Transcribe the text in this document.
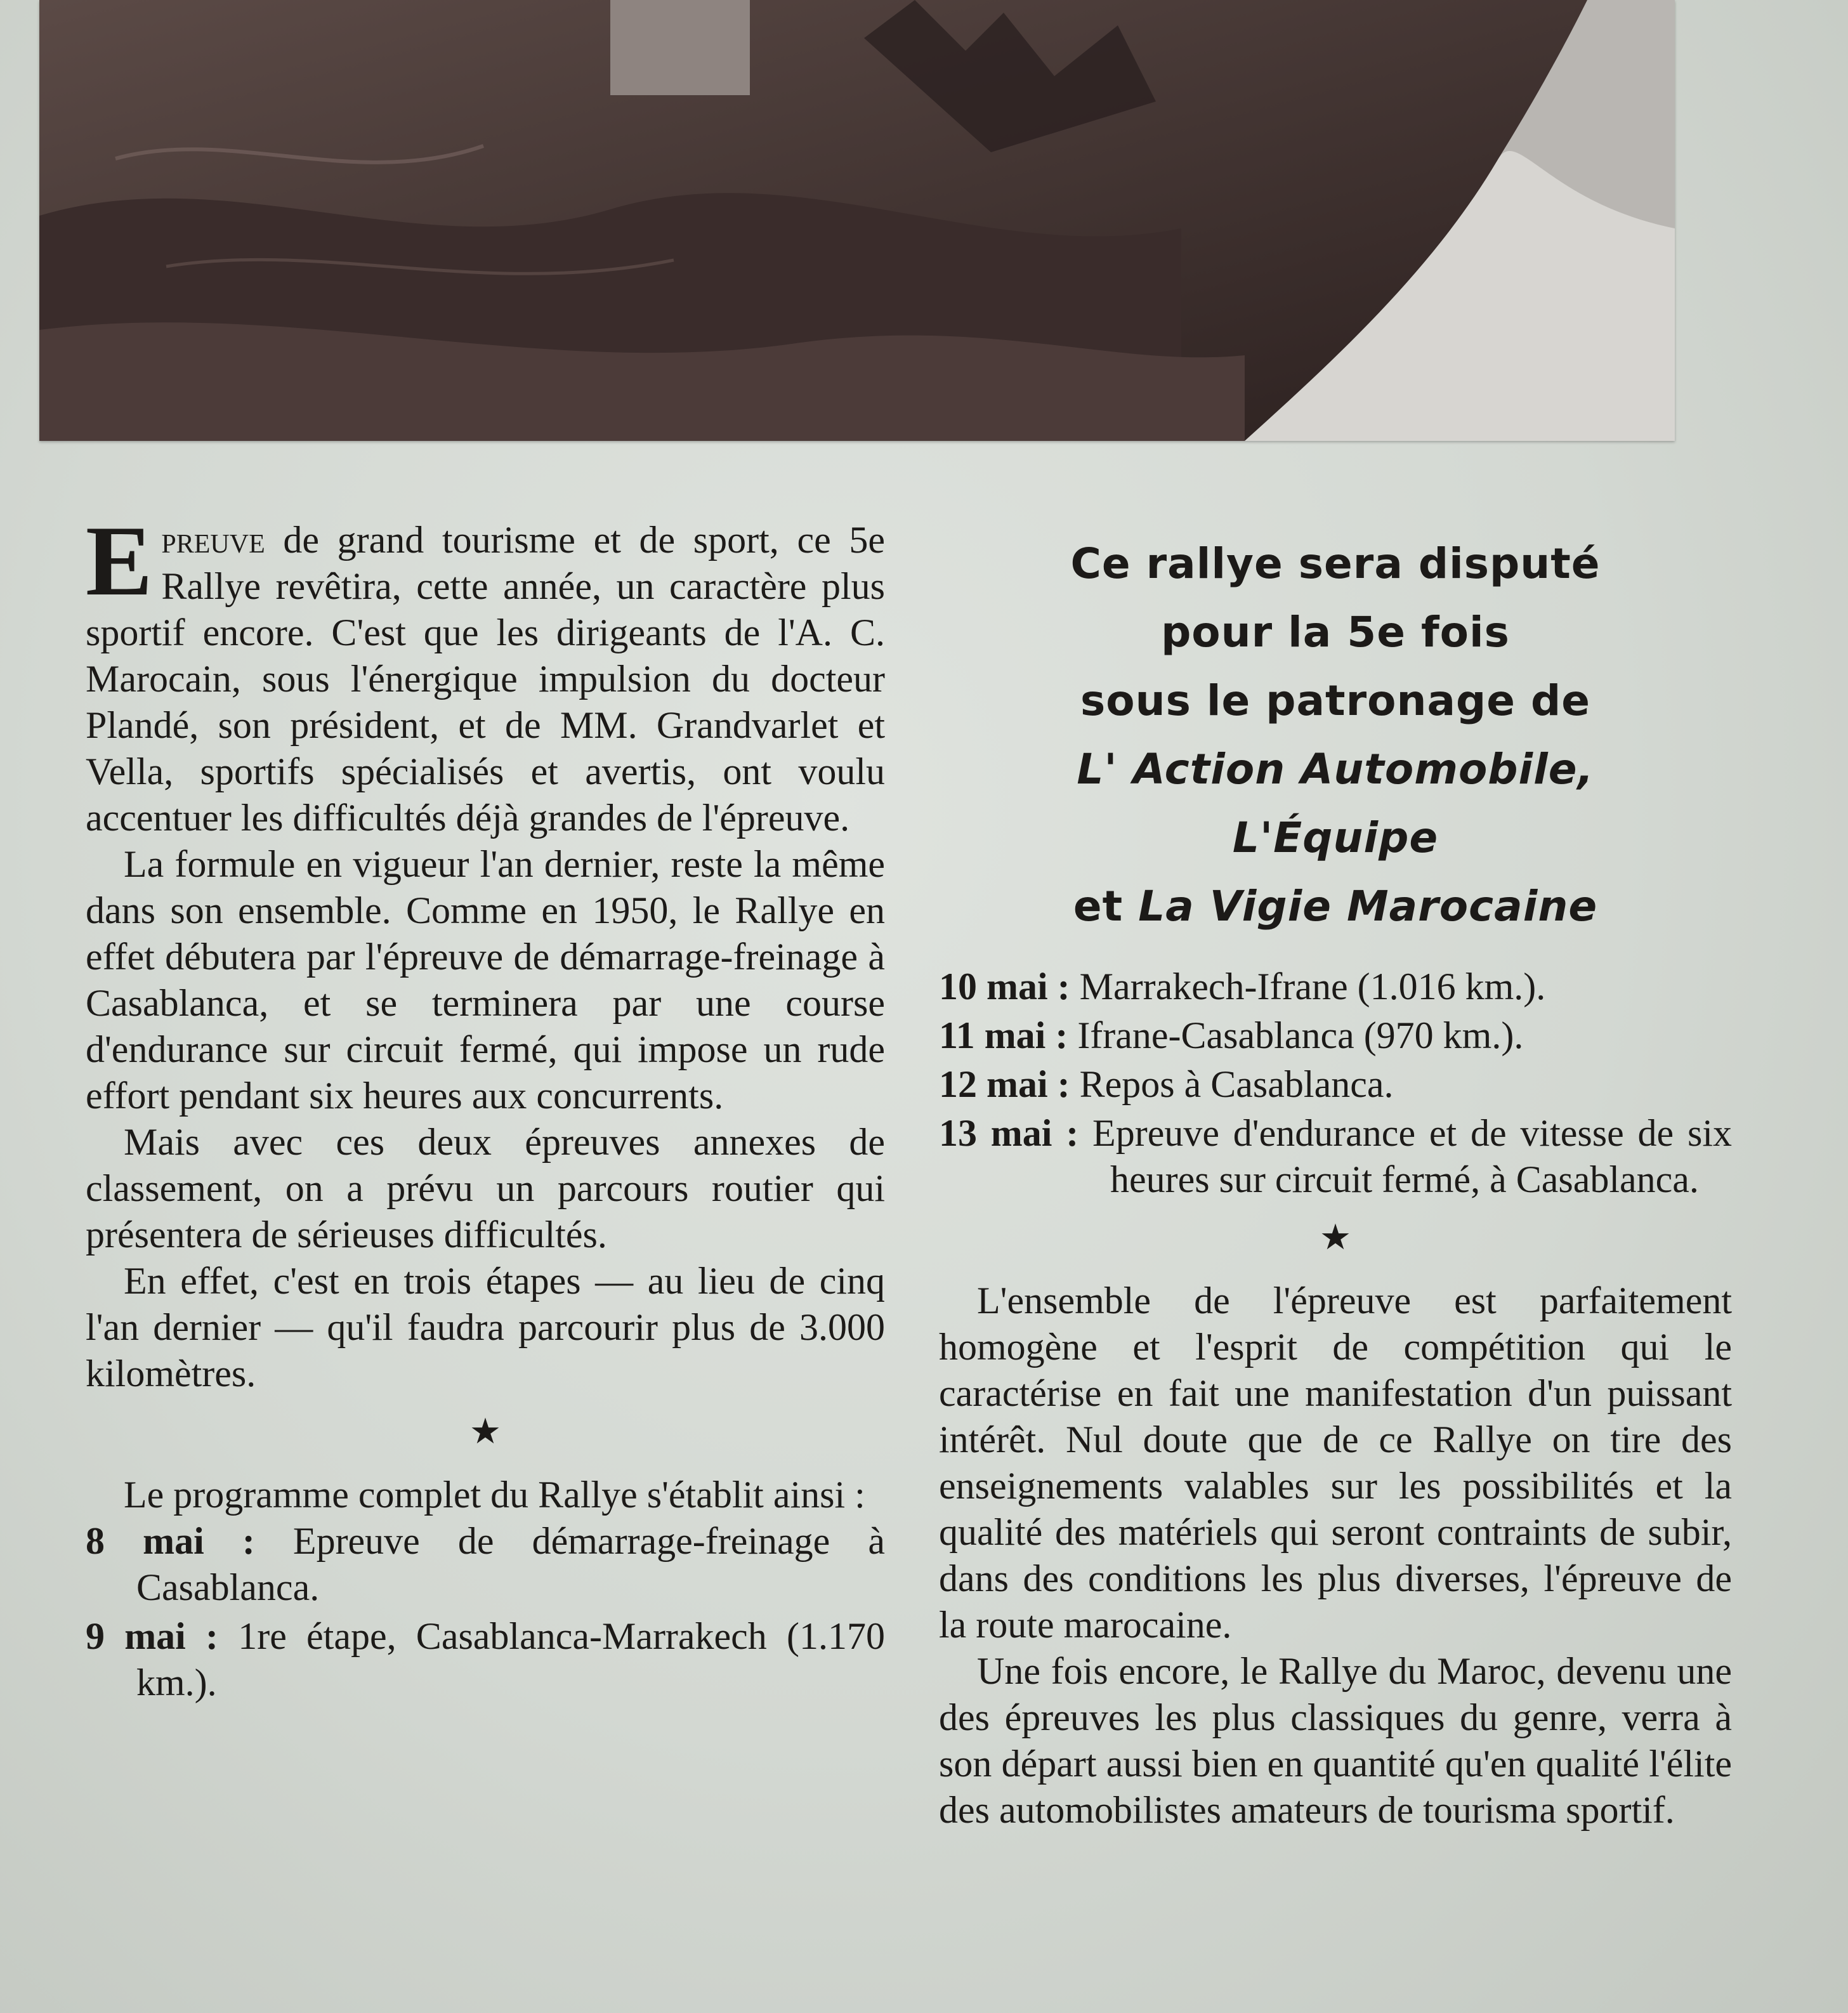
Epreuve de grand tourisme et de sport, ce 5e Rallye revêtira, cette année, un caractère plus sportif encore. C'est que les dirigeants de l'A. C. Marocain, sous l'énergique impulsion du docteur Plandé, son président, et de MM. Grandvarlet et Vella, sportifs spécialisés et avertis, ont voulu accentuer les difficultés déjà grandes de l'épreuve.

La formule en vigueur l'an dernier, reste la même dans son ensemble. Comme en 1950, le Rallye en effet débutera par l'épreuve de démarrage-freinage à Casablanca, et se terminera par une course d'endurance sur circuit fermé, qui impose un rude effort pendant six heures aux concurrents.

Mais avec ces deux épreuves annexes de classement, on a prévu un parcours routier qui présentera de sérieuses difficultés.

En effet, c'est en trois étapes — au lieu de cinq l'an dernier — qu'il faudra parcourir plus de 3.000 kilomètres.

★

Le programme complet du Rallye s'établit ainsi :

8 mai : Epreuve de démarrage-freinage à Casablanca.

9 mai : 1re étape, Casablanca-Marrakech (1.170 km.).

Ce rallye sera disputé
pour la 5e fois
sous le patronage de
L' Action Automobile,
L'Équipe
et La Vigie Marocaine

10 mai : Marrakech-Ifrane (1.016 km.).

11 mai : Ifrane-Casablanca (970 km.).

12 mai : Repos à Casablanca.

13 mai : Epreuve d'endurance et de vitesse de six heures sur circuit fermé, à Casablanca.

★

L'ensemble de l'épreuve est parfaitement homogène et l'esprit de compétition qui le caractérise en fait une manifestation d'un puissant intérêt. Nul doute que de ce Rallye on tire des enseignements valables sur les possibilités et la qualité des matériels qui seront contraints de subir, dans des conditions les plus diverses, l'épreuve de la route marocaine.

Une fois encore, le Rallye du Maroc, devenu une des épreuves les plus classiques du genre, verra à son départ aussi bien en quantité qu'en qualité l'élite des automobilistes amateurs de tourisma sportif.
